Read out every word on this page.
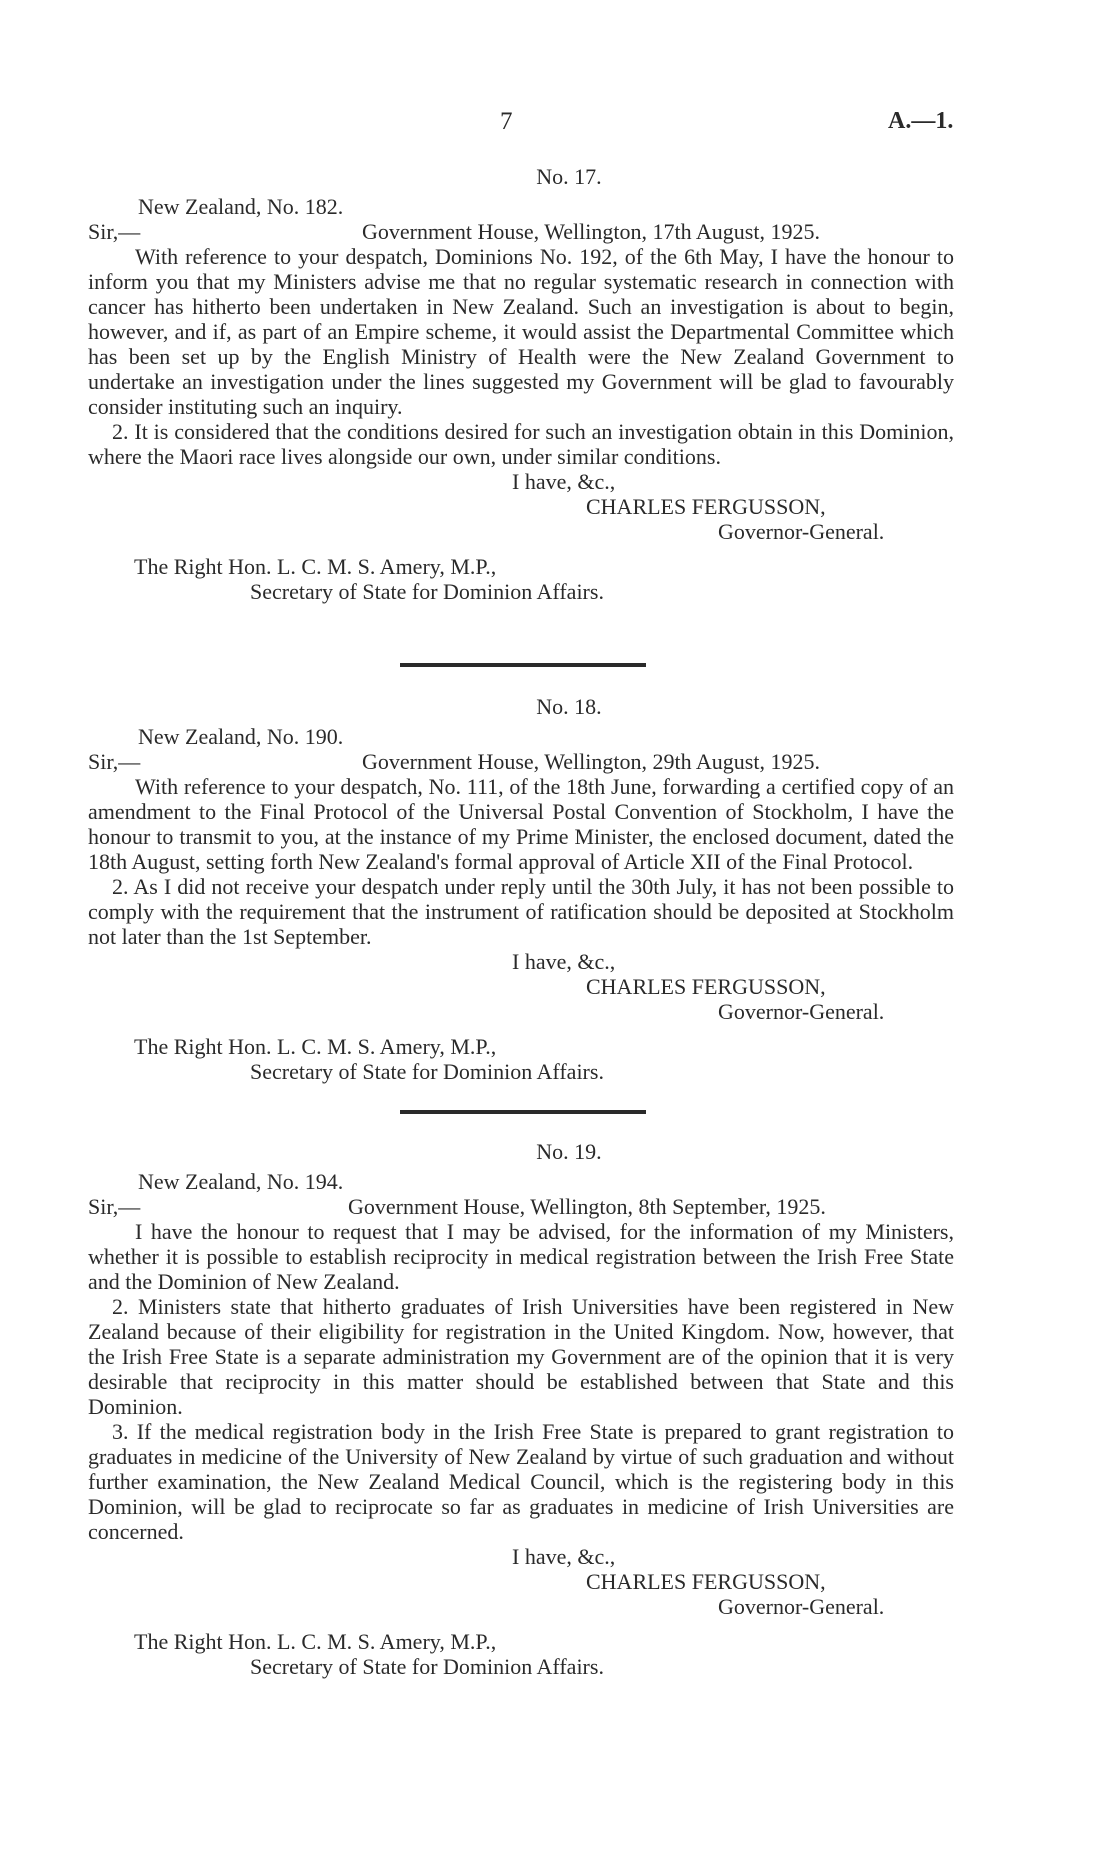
7	A.—1.
No. 17.
New Zealand, No. 182.
Sir,—	Government House, Wellington, 17th August, 1925.

With reference to your despatch, Dominions No. 192, of the 6th May, I have the honour to inform you that my Ministers advise me that no regular systematic research in connection with cancer has hitherto been undertaken in New Zealand. Such an investigation is about to begin, however, and if, as part of an Empire scheme, it would assist the Departmental Committee which has been set up by the English Ministry of Health were the New Zealand Government to undertake an investigation under the lines suggested my Government will be glad to favourably consider instituting such an inquiry.

2. It is considered that the conditions desired for such an investigation obtain in this Dominion, where the Maori race lives alongside our own, under similar conditions.

I have, &c.,
CHARLES FERGUSSON,
Governor-General.
The Right Hon. L. C. M. S. Amery, M.P.,
Secretary of State for Dominion Affairs.
No. 18.
New Zealand, No. 190.
Sir,—	Government House, Wellington, 29th August, 1925.

With reference to your despatch, No. 111, of the 18th June, forwarding a certified copy of an amendment to the Final Protocol of the Universal Postal Convention of Stockholm, I have the honour to transmit to you, at the instance of my Prime Minister, the enclosed document, dated the 18th August, setting forth New Zealand's formal approval of Article XII of the Final Protocol.

2. As I did not receive your despatch under reply until the 30th July, it has not been possible to comply with the requirement that the instrument of ratification should be deposited at Stockholm not later than the 1st September.

I have, &c.,
CHARLES FERGUSSON,
Governor-General.
The Right Hon. L. C. M. S. Amery, M.P.,
Secretary of State for Dominion Affairs.
No. 19.
New Zealand, No. 194.
Sir,—	Government House, Wellington, 8th September, 1925.

I have the honour to request that I may be advised, for the information of my Ministers, whether it is possible to establish reciprocity in medical registration between the Irish Free State and the Dominion of New Zealand.

2. Ministers state that hitherto graduates of Irish Universities have been registered in New Zealand because of their eligibility for registration in the United Kingdom. Now, however, that the Irish Free State is a separate administration my Government are of the opinion that it is very desirable that reciprocity in this matter should be established between that State and this Dominion.

3. If the medical registration body in the Irish Free State is prepared to grant registration to graduates in medicine of the University of New Zealand by virtue of such graduation and without further examination, the New Zealand Medical Council, which is the registering body in this Dominion, will be glad to reciprocate so far as graduates in medicine of Irish Universities are concerned.

I have, &c.,
CHARLES FERGUSSON,
Governor-General.
The Right Hon. L. C. M. S. Amery, M.P.,
Secretary of State for Dominion Affairs.
